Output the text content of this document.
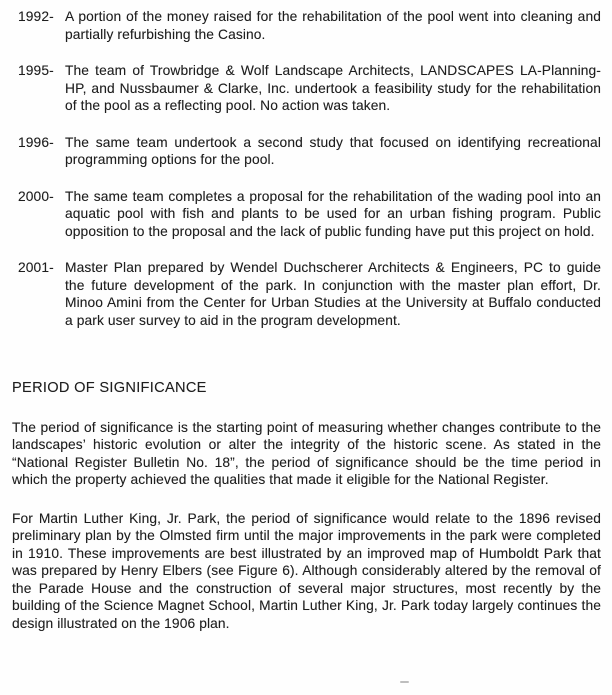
1992- A portion of the money raised for the rehabilitation of the pool went into cleaning and partially refurbishing the Casino.
1995- The team of Trowbridge & Wolf Landscape Architects, LANDSCAPES LA-Planning-HP, and Nussbaumer & Clarke, Inc. undertook a feasibility study for the rehabilitation of the pool as a reflecting pool. No action was taken.
1996- The same team undertook a second study that focused on identifying recreational programming options for the pool.
2000- The same team completes a proposal for the rehabilitation of the wading pool into an aquatic pool with fish and plants to be used for an urban fishing program. Public opposition to the proposal and the lack of public funding have put this project on hold.
2001- Master Plan prepared by Wendel Duchscherer Architects & Engineers, PC to guide the future development of the park. In conjunction with the master plan effort, Dr. Minoo Amini from the Center for Urban Studies at the University at Buffalo conducted a park user survey to aid in the program development.
PERIOD OF SIGNIFICANCE

The period of significance is the starting point of measuring whether changes contribute to the landscapes’ historic evolution or alter the integrity of the historic scene. As stated in the “National Register Bulletin No. 18”, the period of significance should be the time period in which the property achieved the qualities that made it eligible for the National Register.

For Martin Luther King, Jr. Park, the period of significance would relate to the 1896 revised preliminary plan by the Olmsted firm until the major improvements in the park were completed in 1910. These improvements are best illustrated by an improved map of Humboldt Park that was prepared by Henry Elbers (see Figure 6). Although considerably altered by the removal of the Parade House and the construction of several major structures, most recently by the building of the Science Magnet School, Martin Luther King, Jr. Park today largely continues the design illustrated on the 1906 plan.
